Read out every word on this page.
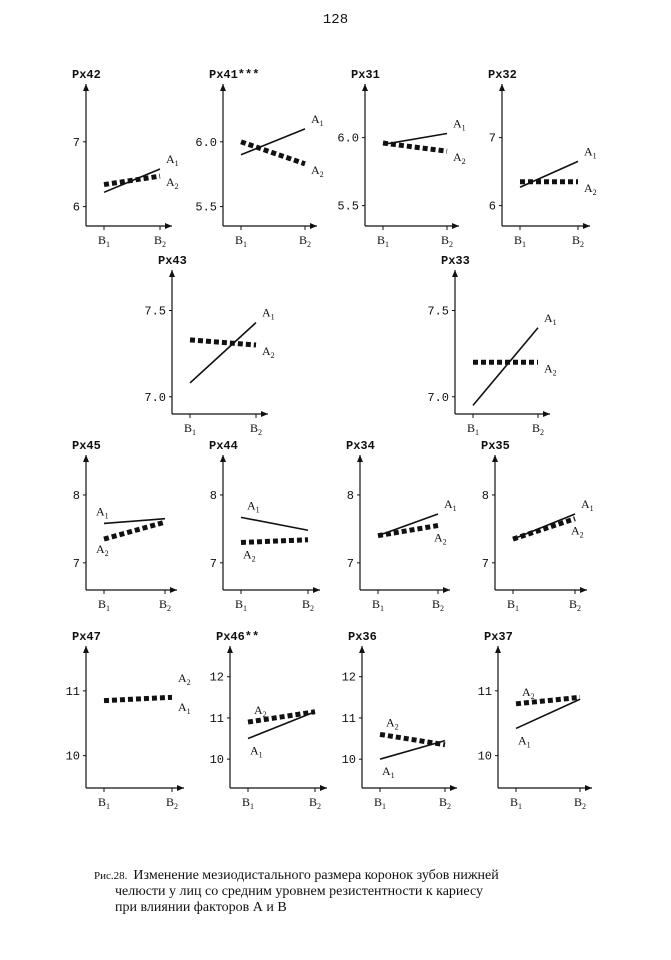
128
Px42
6
7
$B_1$	$B_2$
$A_1$
$A_2$
Px41***
5.5
6.0
$B_1$	$B_2$
$A_1$
$A_2$
Px31
5.5
6.0
$B_1$	$B_2$
$A_1$
$A_2$
Px32
6
7
$B_1$	$B_2$
$A_1$
$A_2$
Px43
7.0
7.5
$B_1$	$B_2$
$A_1$
$A_2$
Px33
7.0
7.5
$B_1$	$B_2$
$A_1$
$A_2$
Px45
7
8
$B_1$	$B_2$
$A_1$
$A_2$
Px44
7
8
$B_1$	$B_2$
$A_1$
$A_2$
Px34
7
8
$B_1$	$B_2$
$A_1$
$A_2$
Px35
7
8
$B_1$	$B_2$
$A_1$
$A_2$
Px47
10
11
$B_1$	$B_2$
$A_1$
$A_2$
Px46**
10
11
12
$B_1$	$B_2$
$A_1$
$A_2$
Px36
10
11
12
$B_1$	$B_2$
$A_1$
$A_2$
Px37
10
11
$B_1$	$B_2$
$A_1$
$A_2$
Рис.28. Изменение мезиодистального размера коронок зубов нижней
челюсти у лиц со средним уровнем резистентности к кариесу
при влиянии факторов А и В
